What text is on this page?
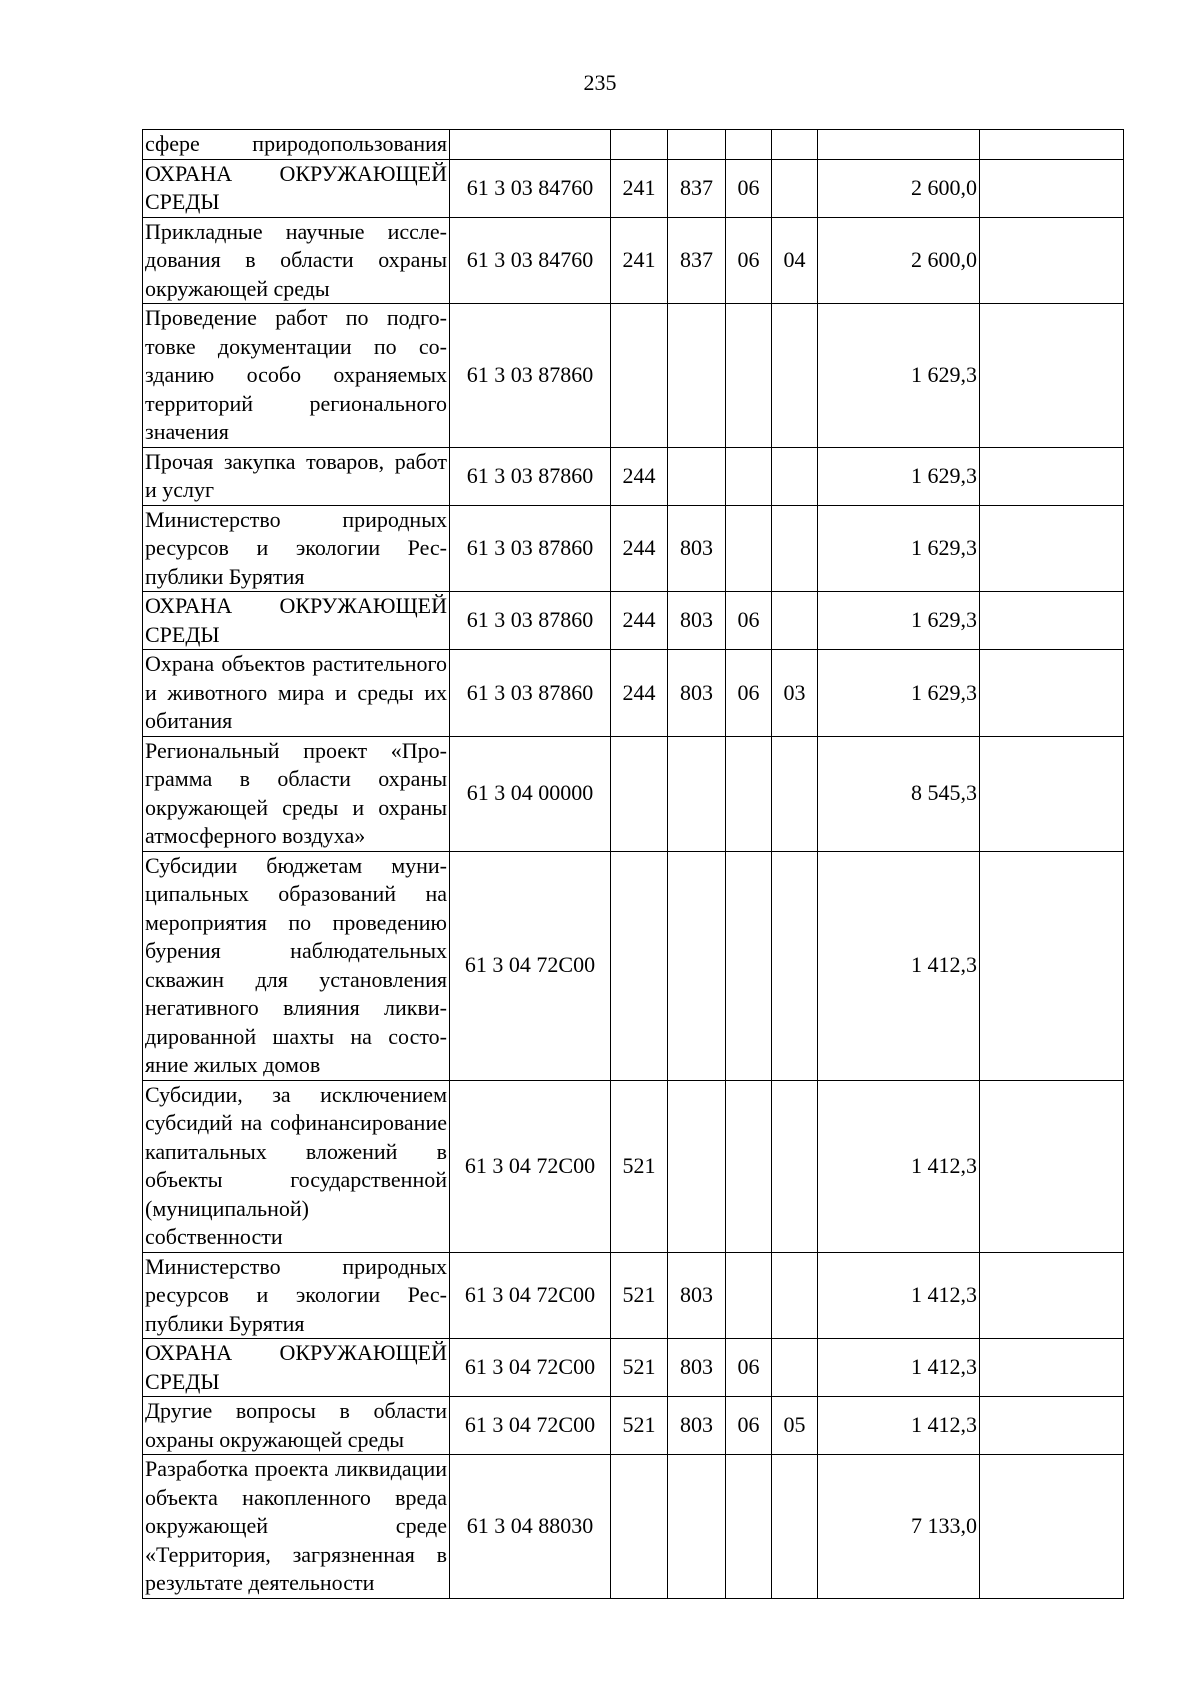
235
сфере природопользования							
ОХРАНА ОКРУЖАЮЩЕЙ СРЕДЫ	61 3 03 84760	241	837	06		2 600,0	
Прикладные научные исследования в области охраны окружающей среды	61 3 03 84760	241	837	06	04	2 600,0	
Проведение работ по подготовке документации по созданию особо охраняемых территорий регионального значения	61 3 03 87860					1 629,3	
Прочая закупка товаров, работ и услуг	61 3 03 87860	244				1 629,3	
Министерство природных ресурсов и экологии Республики Бурятия	61 3 03 87860	244	803			1 629,3	
ОХРАНА ОКРУЖАЮЩЕЙ СРЕДЫ	61 3 03 87860	244	803	06		1 629,3	
Охрана объектов растительного и животного мира и среды их обитания	61 3 03 87860	244	803	06	03	1 629,3	
Региональный проект «Программа в области охраны окружающей среды и охраны атмосферного воздуха»	61 3 04 00000					8 545,3	
Субсидии бюджетам муниципальных образований на мероприятия по проведению бурения наблюдательных скважин для установления негативного влияния ликвидированной шахты на состояние жилых домов	61 3 04 72С00					1 412,3	
Субсидии, за исключением субсидий на софинансирование капитальных вложений в объекты государственной (муниципальной) собственности	61 3 04 72С00	521				1 412,3	
Министерство природных ресурсов и экологии Республики Бурятия	61 3 04 72С00	521	803			1 412,3	
ОХРАНА ОКРУЖАЮЩЕЙ СРЕДЫ	61 3 04 72С00	521	803	06		1 412,3	
Другие вопросы в области охраны окружающей среды	61 3 04 72С00	521	803	06	05	1 412,3	
Разработка проекта ликвидации объекта накопленного вреда окружающей среде «Территория, загрязненная в результате деятельности	61 3 04 88030					7 133,0	
